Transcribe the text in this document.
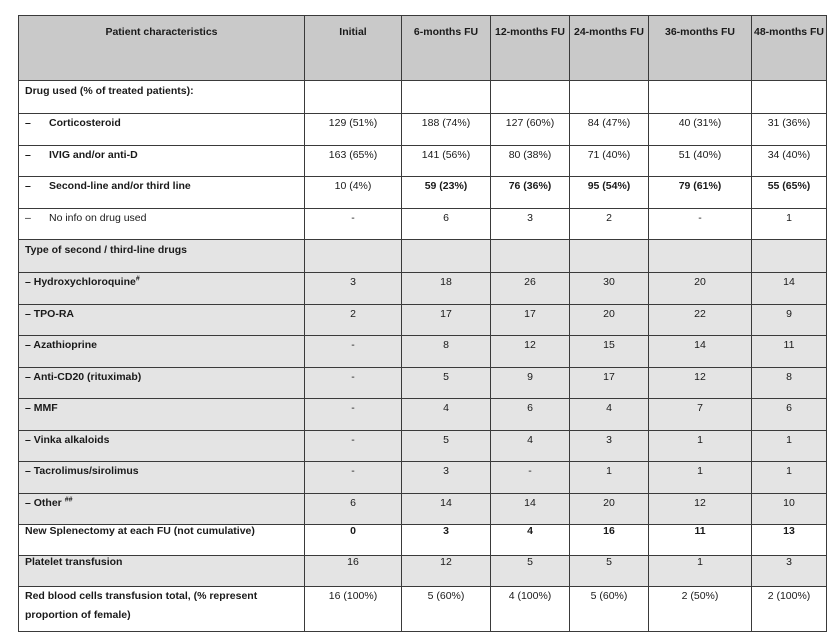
Patient characteristics	Initial	6-months FU	12-months FU	24-months FU	36-months FU	48-months FU
Drug used (% of treated patients):						
– Corticosteroid	129 (51%)	188 (74%)	127 (60%)	84 (47%)	40 (31%)	31 (36%)
– IVIG and/or anti-D	163 (65%)	141 (56%)	80 (38%)	71 (40%)	51 (40%)	34 (40%)
– Second-line and/or third line	10 (4%)	59 (23%)	76 (36%)	95 (54%)	79 (61%)	55 (65%)
– No info on drug used	-	6	3	2	-	1
Type of second / third-line drugs						
– Hydroxychloroquine#	3	18	26	30	20	14
– TPO-RA	2	17	17	20	22	9
– Azathioprine	-	8	12	15	14	11
– Anti-CD20 (rituximab)	-	5	9	17	12	8
– MMF	-	4	6	4	7	6
– Vinka alkaloids	-	5	4	3	1	1
– Tacrolimus/sirolimus	-	3	-	1	1	1
– Other ##	6	14	14	20	12	10
New Splenectomy at each FU (not cumulative)	0	3	4	16	11	13
Platelet transfusion	16	12	5	5	1	3
Red blood cells transfusion total, (% represent proportion of female)	16 (100%)	5 (60%)	4 (100%)	5 (60%)	2 (50%)	2 (100%)
